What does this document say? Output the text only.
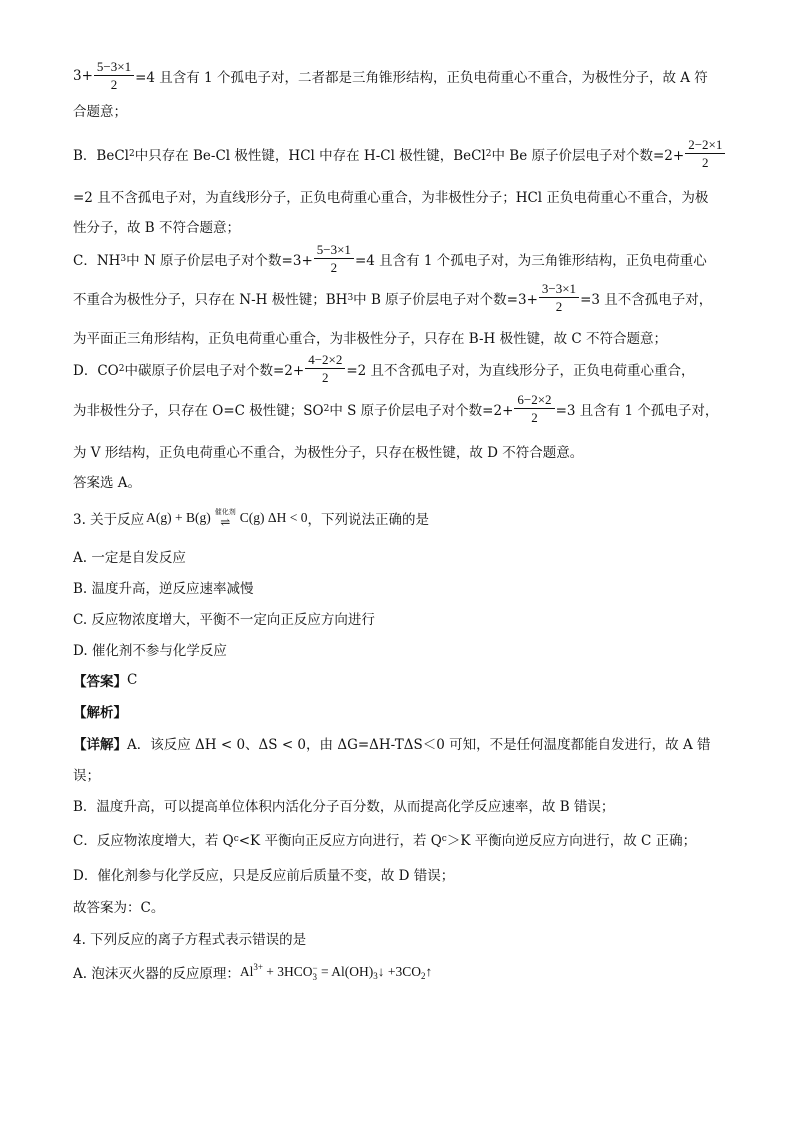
$3+ \frac{5-3\times 1}{2} =4$ 且含有 1 个孤电子对，二者都是三角锥形结构，正负电荷重心不重合，为极性分子，故 A 符
合题意；
B．BeCl 2 中只存在 Be-Cl 极性键，HCl 中存在 H-Cl 极性键，BeCl 2 中 Be 原子价层电子对个数$=2+ \frac{2-2\times 1}{2}$
=2 且不含孤电子对，为直线形分子，正负电荷重心重合，为非极性分子；HCl 正负电荷重心不重合，为极
性分子，故 B 不符合题意；
C．NH 3 中 N 原子价层电子对个数$=3+ \frac{5-3\times 1}{2} =4$ 且含有 1 个孤电子对，为三角锥形结构，正负电荷重心
不重合为极性分子，只存在 N-H 极性键；BH 3 中 B 原子价层电子对个数$=3+ \frac{3-3\times 1}{2} =3$ 且不含孤电子对，
为平面正三角形结构，正负电荷重心重合，为非极性分子，只存在 B-H 极性键，故 C 不符合题意；
D．CO 2 中碳原子价层电子对个数$=2+ \frac{4-2\times 2}{2} =2$ 且不含孤电子对，为直线形分子，正负电荷重心重合，
为非极性分子，只存在 O=C 极性键；SO 2 中 S 原子价层电子对个数$=2+ \frac{6-2\times 2}{2} =3$ 且含有 1 个孤电子对，
为 V 形结构，正负电荷重心不重合，为极性分子，只存在极性键，故 D 不符合题意。
答案选 A。
3. 关于反应 A(g) + B(g) 催化剂
⇌ C(g) ΔH < 0 ，下列说法正确的是
A. 一定是自发反应
B. 温度升高，逆反应速率减慢
C. 反应物浓度增大，平衡不一定向正反应方向进行
D. 催化剂不参与化学反应
【答案】 C
【解析】
【详解】 A．该反应 ΔH < 0、ΔS < 0，由 ΔG=ΔH-TΔS＜0 可知，不是任何温度都能自发进行，故 A 错
误；
B．温度升高，可以提高单位体积内活化分子百分数，从而提高化学反应速率，故 B 错误；
C．反应物浓度增大，若 Q c <K 平衡向正反应方向进行，若 Q c ＞K 平衡向逆反应方向进行，故 C 正确；
D．催化剂参与化学反应，只是反应前后质量不变，故 D 错误；
故答案为：C。
4. 下列反应的离子方程式表示错误的是
A. 泡沫灭火器的反应原理： $Al^{3+} + 3HCO$ −
$3 = Al(OH)_3↓$ $+3CO_2↑$
